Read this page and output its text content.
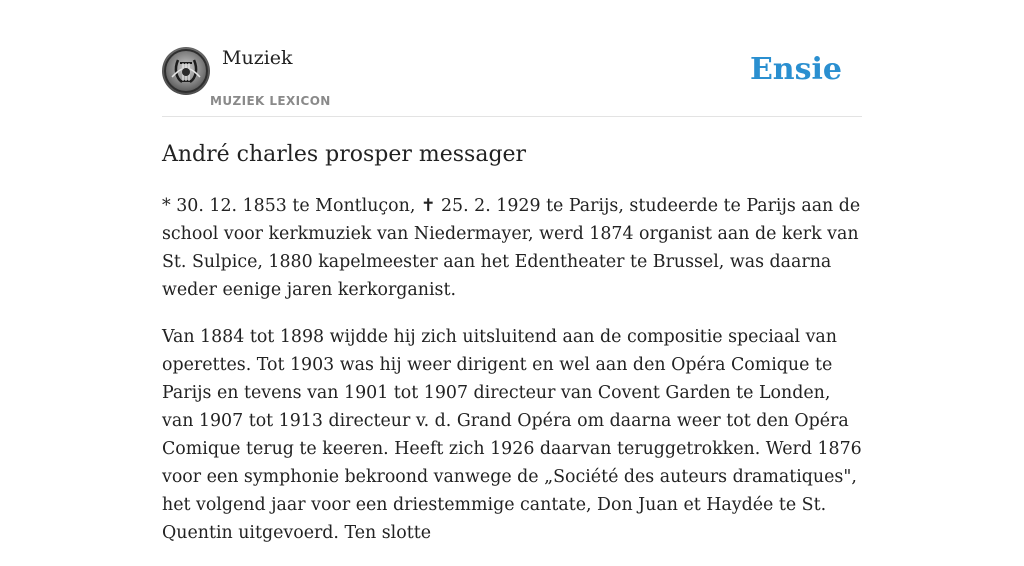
Muziek
MUZIEK LEXICON
Ensie
André charles prosper messager

* 30. 12. 1853 te Montluçon, ✝ 25. 2. 1929 te Parijs, studeerde te Parijs aan de school voor kerkmuziek van Niedermayer, werd 1874 organist aan de kerk van St. Sulpice, 1880 kapelmeester aan het Edentheater te Brussel, was daarna weder eenige jaren kerkorganist.

Van 1884 tot 1898 wijdde hij zich uitsluitend aan de compositie speciaal van operettes. Tot 1903 was hij weer dirigent en wel aan den Opéra Comique te Parijs en tevens van 1901 tot 1907 directeur van Covent Garden te Londen, van 1907 tot 1913 directeur v. d. Grand Opéra om daarna weer tot den Opéra Comique terug te keeren. Heeft zich 1926 daarvan teruggetrokken. Werd 1876 voor een symphonie bekroond vanwege de „Société des auteurs dramatiques", het volgend jaar voor een driestemmige cantate, Don Juan et Haydée te St. Quentin uitgevoerd. Ten slotte
